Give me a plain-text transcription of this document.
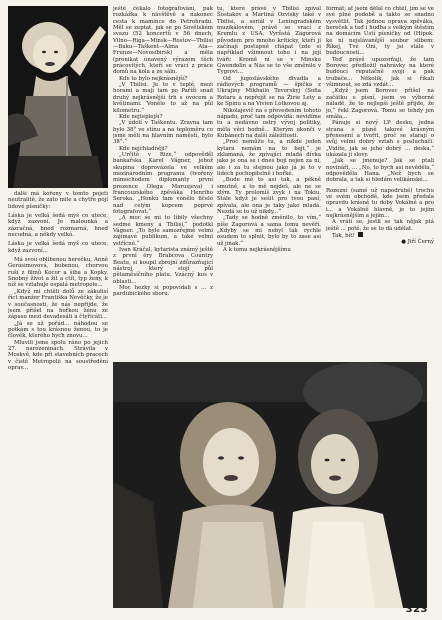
dálší má kořeny v tomto pojetí neutralitě, že zato mile a chytře pojí lidové písničky:

Láska je velká šedá myš co utece, když zazvoní. Je malounká a zázračná, hned rozmarná, hned necudná, a někdy velká.

Láska je velká šedá myš co utece, když zazvoní...

Má svou oblíbenou herečku, Anně Gerasimovová, bubenou, chorvou ruší z filmů Kocor a šiba a Kopky. Snobný život a žít a ctít, typ ženy, k níž se vztahuje ospalá metropole...

„Když mi chtěli dolů ze zákulisí říct manžer Františka Nevěčky, že je v současnosti, že nás nepřijde, že jsem přišel na hořkou ženu ze zápasu mezi devadesáti a čtyřicáti...

„Já se už pořád... náhodou se potkám s tou krásnou ženou, to je člověk, kterého bych znovu...

Mluvili jsme spolu ráno po jejich 27. narozeninách. Strávila v Moskvě, kde při stavebních pracech v čistě Metropolii na soustředění oprav...

ještě čekalo fotografování, pak rozkážka k návštěvě a nakonec cesta k mamince do Petrohradu. Měl se zeptat, jak se po Sovětském svazu (52 koncertů v 56 dnech, Vilno—Riga—Minsk—Rostov—Tbilisi—Baku—Taškent—Alma Ata—Frunze—Novosibirsk) a měla (pronikat unavený výrazem těch prácovitých, kteří se vrací z práce domů na kola a ze sálu.

Kde to bylo nejkrásnější?

„V Tbilisi. Je to v teplé, mezi horami a mají tam po Paříži snad druhý nejkrásnější trh s ovocem a květinami. Vonělo to až na půl kilometru.“

Kde nejteplejší?

„V údolí v Taškentu. Zravna tam bylo 38° ve stínu a na teploměru co jsme měli na hlavním náměstí, bylo 38°.“

Kde nejchladněji?

„Určitě v Rize,“ odpověděl bankařská Karel Vágner, jehož skupina doprovázela ve velkém mezinárodním programu (tvořený mimochodem diplomanty první prezence Olega Marusjeva) i francouzského zpěváka Henriho Seroka. „Honku tam vonělo fičelo nad celým kopcem poprvé fotografovat.“

„A moc se mi to líbily všechny sedmé kmeny a Tbilisi,“ podotkl Vágner. „To bylo samozřejmě velmi zajímavé publikum, a také velmi vstřícné.“

Ivan Kráčal, kytarista známý ještě z první éry Brabcova Country Beatu, si koupil zbrojní zdůrazňující nástroj, který stojí půl pětaměsíčního platu. Vzácný kus v oblasti...

Moc hezky si popovídali s ... z pardubického sboru.

tu, které právě v Tbilisi zpíval Šostakov a Martiná Ozvisky také v Tbilisi, a seriál v Leningradském muzikálovém, právě se vrací z Kremlu z USA. Vyrůstá Zagorová původem pro mnoho kriticky, kteří ji začínají postupně chápat (zde si například všimnout toho i na její tváři: Kromě ní se v Minsku Gwendolin a Nás se to vše změnilo v Tygrovi...

Od jugoslávského divadla a rádiových programů — špička z Ukrajiny Mikhailo Teverskyj (Sofia Rotaru a nepřejít se na Žirie Lety a ke Spinu a na Vivien Lotkovou aj.

Nikolajevič na s převedením tohoto nápadu, proč tam odpovídá: nevidíme tu a nedávno ostrý vývoj politiky, měla věci hodně... Kterým ukončí v Kubánech na další záležitosti.

„Proč nemůžu tu, a nikde jeden kytara nemám na to bejt,“ je zklamaná, že zpívající mladá dívka jako je ona se i dnes bojí nejen za ni, ale i za tu stejnou jako já je to v lidech pochopitelně i hořké.

„Bude mě to asi tak, a pěkně smutně, a to mě nejdeš, ale ne se zlým. Ty prolomíš zvyk i na Tokiu. Stále když je sešit pro tvou paní, zpívala, ale ona je taky jako mladá. Nezdá se to už nikdy...“

„Tady se hodně změnilo, to vím,“ píše Zagorová a sama tomu nevěří. „Kdyby se mi nebyl tak rychle osudem to splnit, bylo by to zase asi už jinak.“

A k tomu nejkrásnějšímu

fórmát, ať jsem dělal co chtěl, jím se ve své plné podobě a takto se snadno vysvětlit. Tak jednou oprava zpěváka, hereček a teď i hudba s velkým štěstím na domácím Ústí písničky od (Hipok. ke ní nejslávanější soubor slibem: Říkej, Tvé Oni, ty jsi stále v budoucnosti...

Teď právě upozorňuji, že tam Borovec předložil nahrávky na které budoucí reputačně svojí a pak trubače... Několik, jak si říkali všimnout, se zdá vzdát...

„Když jsem Borovec přišel na začátku s písní, jsem ve výborné náladě, že to nejlepší ještě přijde, že jo,“ řekl Zagorová. Tomu se tehdy jen smála...

Pánuje si nový LP desku, jedna strana s písně takové krásným přenesení a tvořit, proč se starají o svůj velmi dobrý vztah s posluchači. „Vidíte, jak se jeho dobrý ... deska,“ ukázala jí slovy.

„Jak se jmenuje? Jak se ptali novináři, ... „No, to bych asi nevěděla,“ odpověděla Hana. „Než bych se dobrala, a tak si hledám velikánské...

Rozezní (samé už napodruhé) trochu ve svém obchodě, kde jsem předala opravdu krásně tu doby Vokálně a pro i... a Vokálně hlavně, je to jejím nejkrásnějším a jejím...

A vrátí se, jestli se tak nějak ptá ještě ... poté, že se to dá udělat.

Tak, bít!

● Jiří Černý

323
